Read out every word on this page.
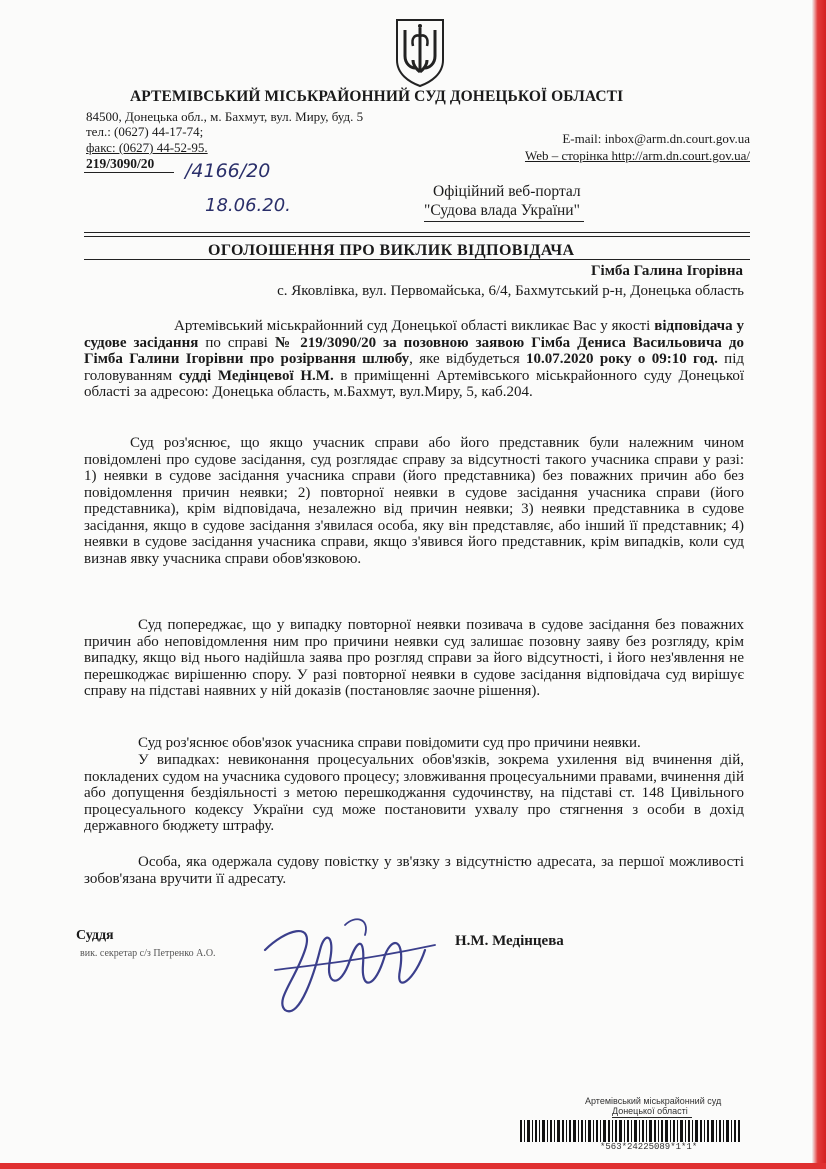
АРТЕМІВСЬКИЙ МІСЬКРАЙОННИЙ СУД ДОНЕЦЬКОЇ ОБЛАСТІ
84500, Донецька обл., м. Бахмут, вул. Миру, буд. 5
тел.: (0627) 44-17-74;
факс: (0627) 44-52-95.
E-mail: inbox@arm.dn.court.gov.ua
Web – сторінка http://arm.dn.court.gov.ua/
219/3090/20 /4166/20
18.06.20.
Офіційний веб-портал
"Судова влада України"
ОГОЛОШЕННЯ ПРО ВИКЛИК ВІДПОВІДАЧА
Гімба Галина Ігорівна
с. Яковлівка, вул. Первомайська, 6/4, Бахмутський р-н, Донецька область
Артемівський міськрайонний суд Донецької області викликає Вас у якості відповідача у судове засідання по справі № 219/3090/20 за позовною заявою Гімба Дениса Васильовича до Гімба Галини Ігорівни про розірвання шлюбу, яке відбудеться 10.07.2020 року о 09:10 год. під головуванням судді Медінцевої Н.М. в приміщенні Артемівського міськрайонного суду Донецької області за адресою: Донецька область, м.Бахмут, вул.Миру, 5, каб.204.
Суд роз'яснює, що якщо учасник справи або його представник були належним чином повідомлені про судове засідання, суд розглядає справу за відсутності такого учасника справи у разі: 1) неявки в судове засідання учасника справи (його представника) без поважних причин або без повідомлення причин неявки; 2) повторної неявки в судове засідання учасника справи (його представника), крім відповідача, незалежно від причин неявки; 3) неявки представника в судове засідання, якщо в судове засідання з'явилася особа, яку він представляє, або інший її представник; 4) неявки в судове засідання учасника справи, якщо з'явився його представник, крім випадків, коли суд визнав явку учасника справи обов'язковою.
Суд попереджає, що у випадку повторної неявки позивача в судове засідання без поважних причин або неповідомлення ним про причини неявки суд залишає позовну заяву без розгляду, крім випадку, якщо від нього надійшла заява про розгляд справи за його відсутності, і його нез'явлення не перешкоджає вирішенню спору. У разі повторної неявки в судове засідання відповідача суд вирішує справу на підставі наявних у ній доказів (постановляє заочне рішення).
Суд роз'яснює обов'язок учасника справи повідомити суд про причини неявки.
У випадках: невиконання процесуальних обов'язків, зокрема ухилення від вчинення дій, покладених судом на учасника судового процесу; зловживання процесуальними правами, вчинення дій або допущення бездіяльності з метою перешкоджання судочинству, на підставі ст. 148 Цивільного процесуального кодексу України суд може постановити ухвалу про стягнення з особи в дохід державного бюджету штрафу.
Особа, яка одержала судову повістку у зв'язку з відсутністю адресата, за першої можливості зобов'язана вручити її адресату.
Суддя
вик. секретар с/з Петренко А.О.
Н.М. Медінцева
Артемівський міськрайонний суд
Донецької області
*563*24225089*1*1*
